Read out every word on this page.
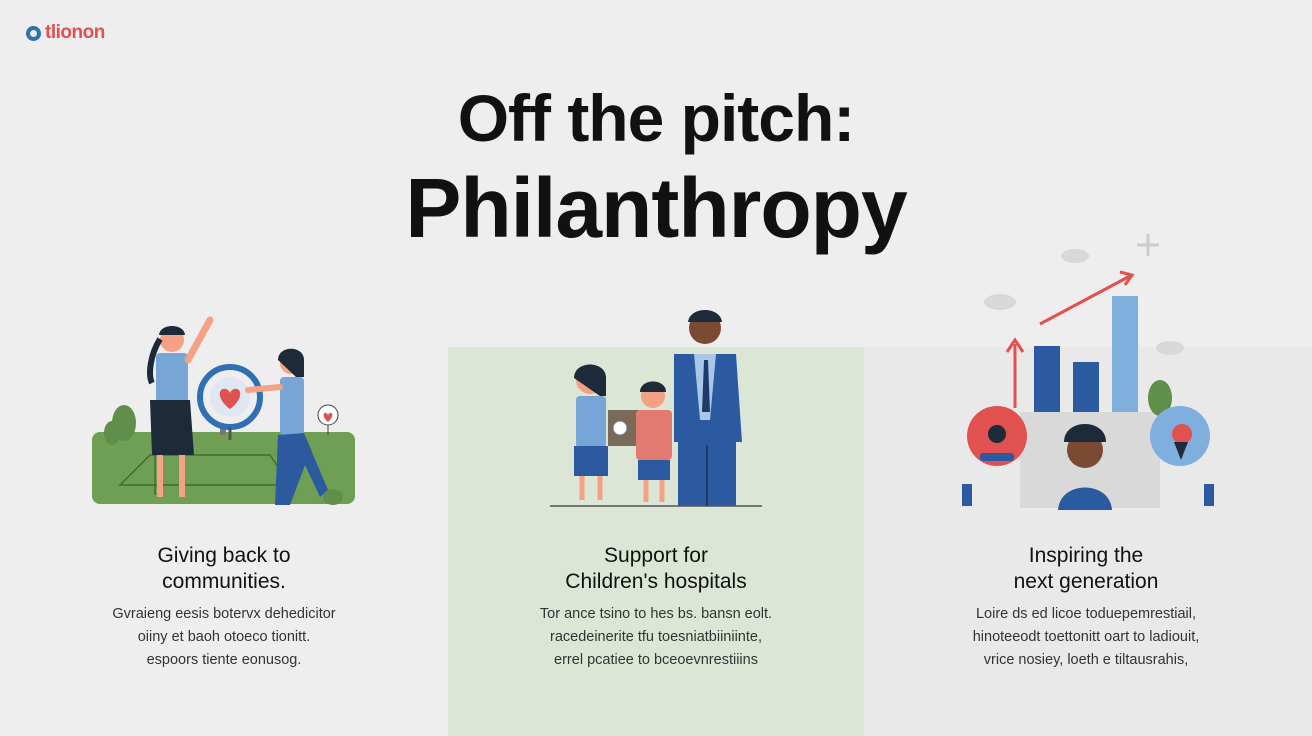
tlionon
Off the pitch:
Philanthropy
Giving back to
communities.
Gvraieng eesis botervx dehedicitor
oiiny et baoh otoeco tionitt.
espoors tiente eonusog.
Support for
Children's hospitals
Tor ance tsino to hes bs. bansn eolt.
racedeinerite tfu toesniatbiiniinte,
errel pcatiee to bceoevnrestiiins
Inspiring the
next generation
Loire ds ed licoe toduepemrestiail,
hinoteeodt toettonitt oart to ladiouit,
vrice nosiey, loeth e tiltausrahis,
